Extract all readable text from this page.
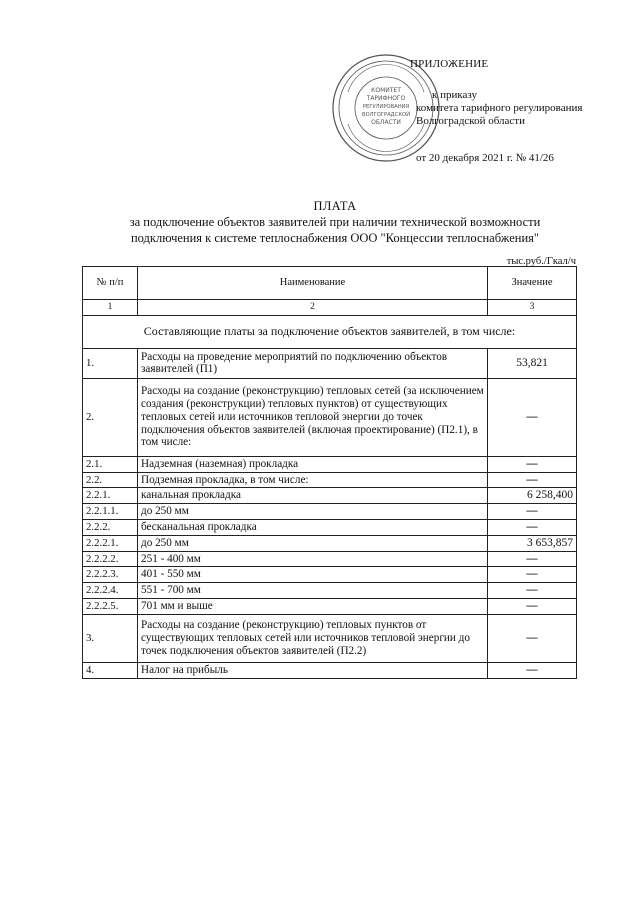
КОМИТЕТ
ТАРИФНОГО
РЕГУЛИРОВАНИЯ
ВОЛГОГРАДСКОЙ
ОБЛАСТИ
ПРИЛОЖЕНИЕ
к приказу
комитета тарифного регулирования
Волгоградской области
от 20 декабря 2021 г. № 41/26
ПЛАТА
за подключение объектов заявителей при наличии технической возможности
подключения к системе теплоснабжения ООО "Концессии теплоснабжения"
тыс.руб./Гкал/ч
№ п/п	Наименование	Значение
1	2	3
Составляющие платы за подключение объектов заявителей, в том числе:		
1.	Расходы на проведение мероприятий по подключению объектов заявителей (П1)	53,821
2.	Расходы на создание (реконструкцию) тепловых сетей (за исключением создания (реконструкции) тепловых пунктов) от существующих тепловых сетей или источников тепловой энергии до точек подключения объектов заявителей (включая проектирование) (П2.1), в том числе:	—
2.1.	Надземная (наземная) прокладка	—
2.2.	Подземная прокладка, в том числе:	—
2.2.1.	канальная прокладка	6 258,400
2.2.1.1.	до 250 мм	—
2.2.2.	бесканальная прокладка	—
2.2.2.1.	до 250 мм	3 653,857
2.2.2.2.	251 - 400 мм	—
2.2.2.3.	401 - 550 мм	—
2.2.2.4.	551 - 700 мм	—
2.2.2.5.	701 мм и выше	—
3.	Расходы на создание (реконструкцию) тепловых пунктов от существующих тепловых сетей или источников тепловой энергии до точек подключения объектов заявителей (П2.2)	—
4.	Налог на прибыль	—
